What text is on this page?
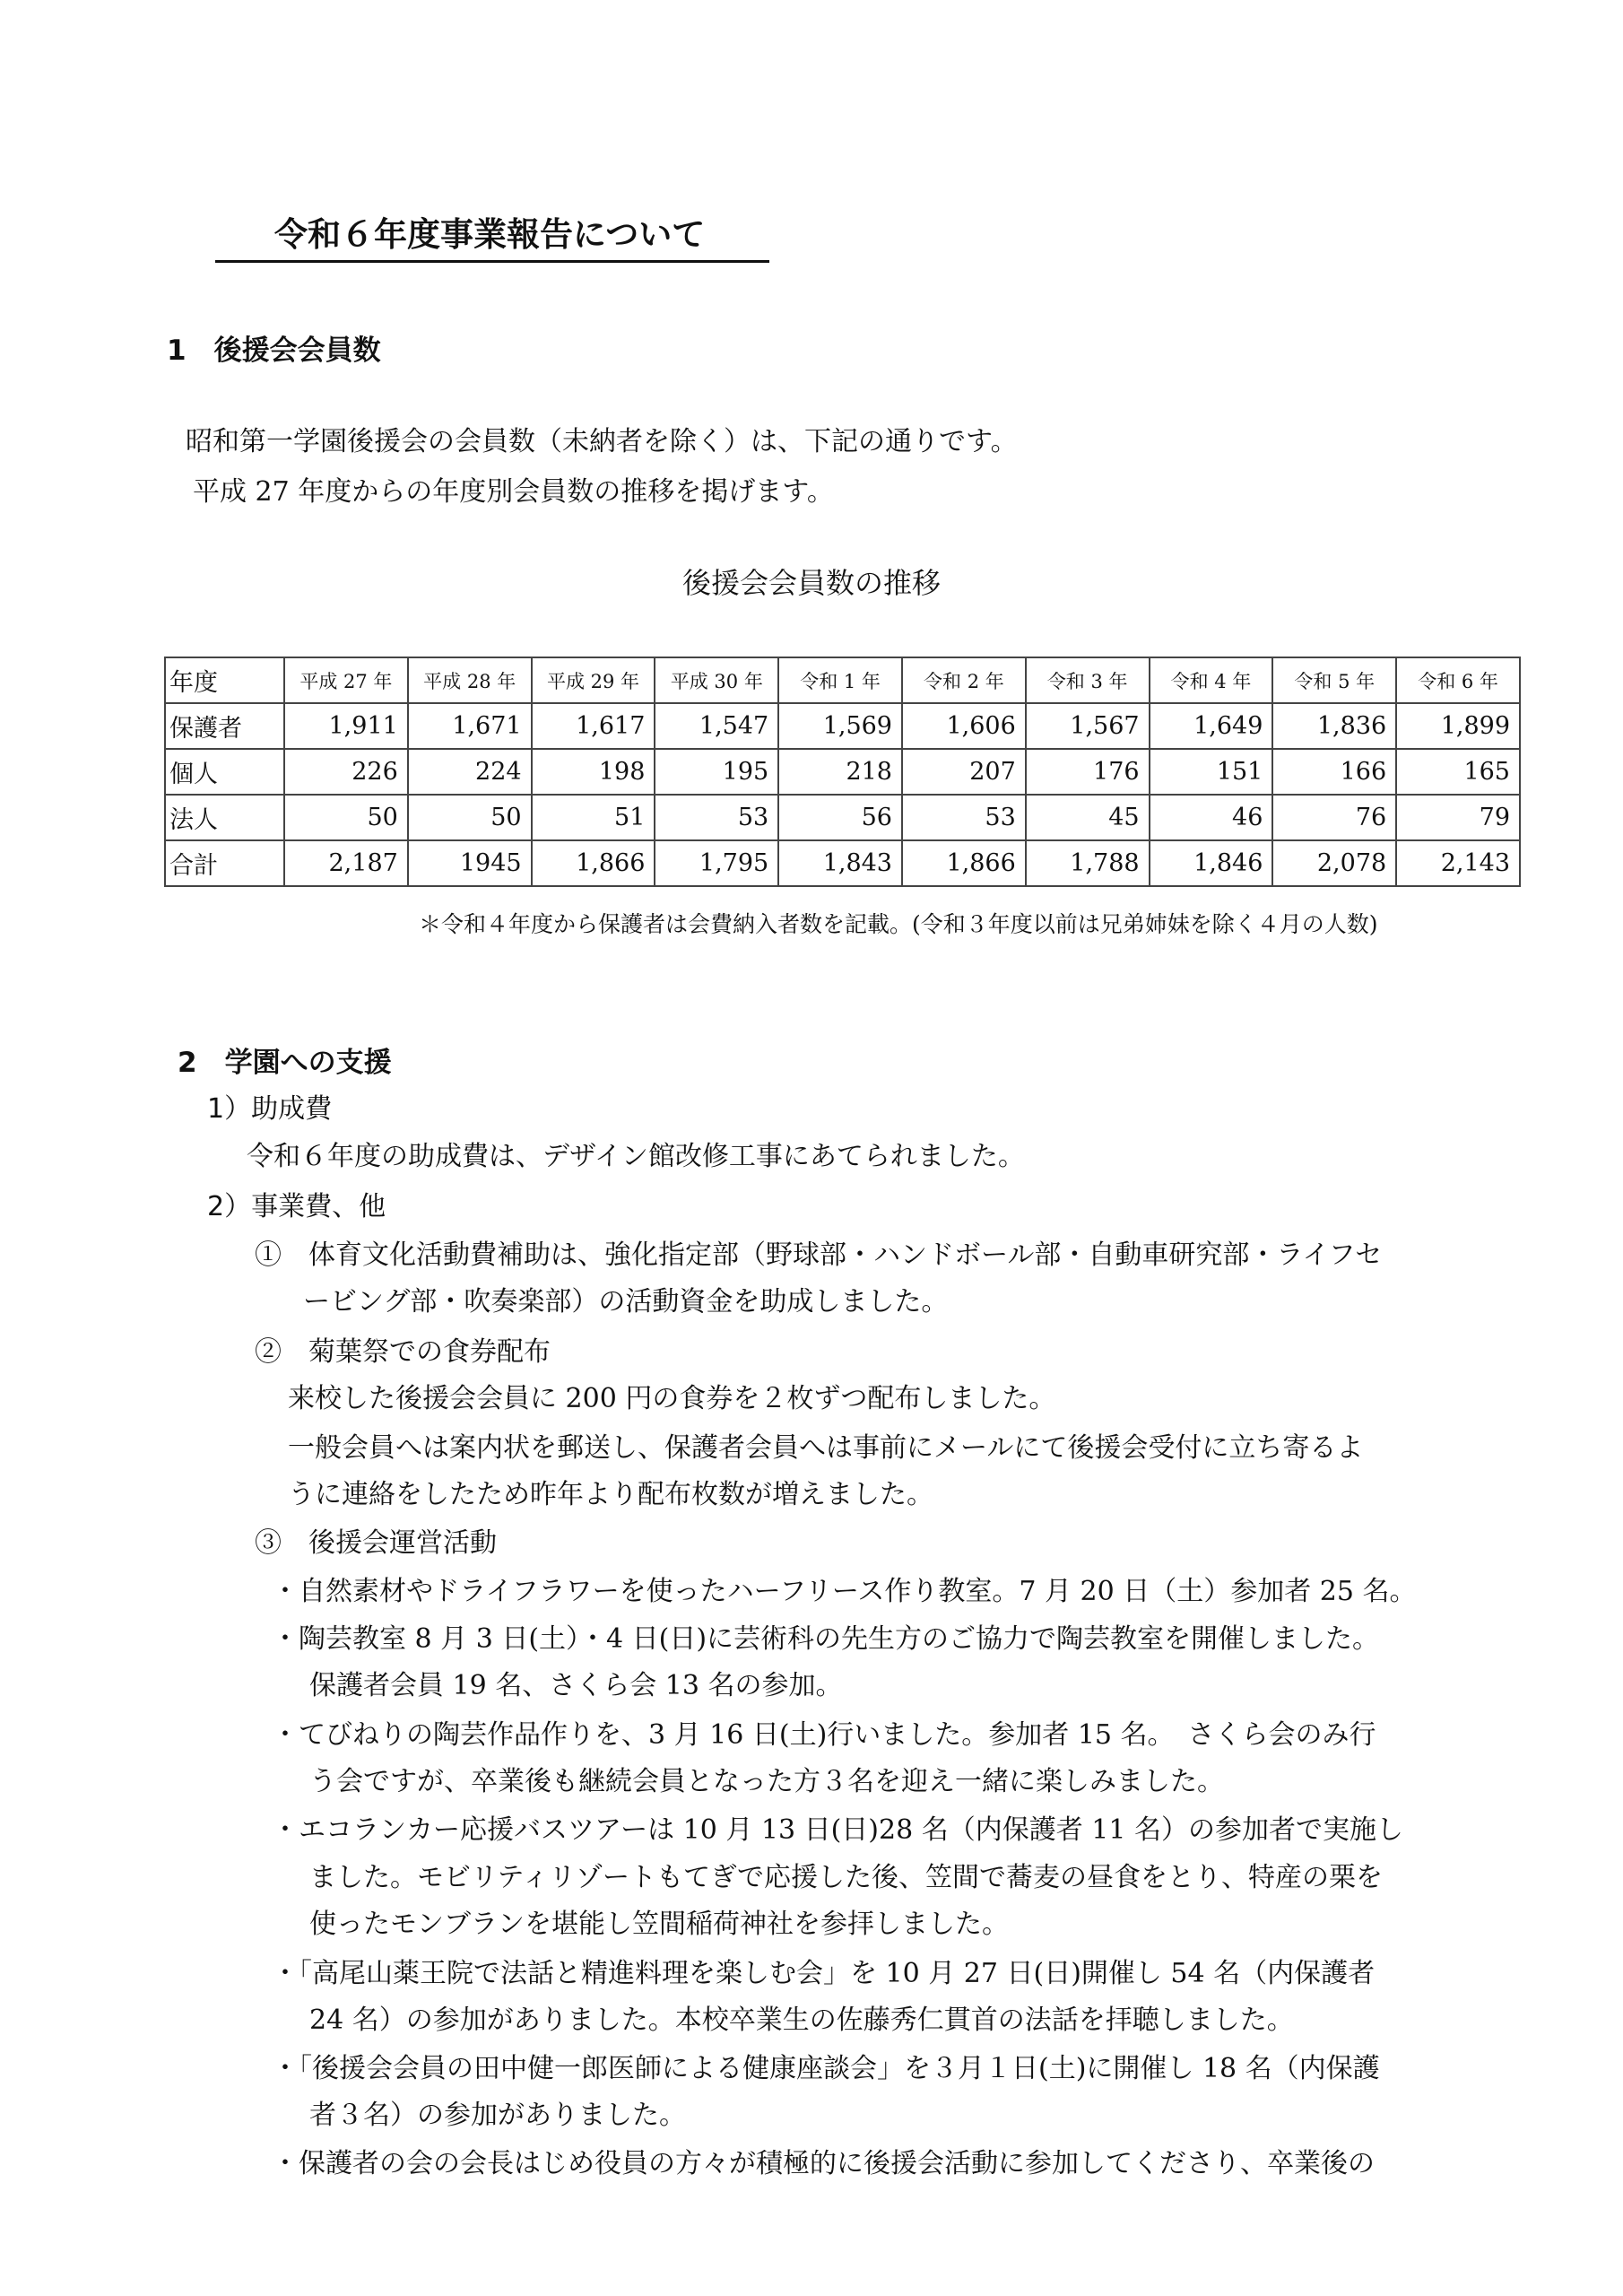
令和６年度事業報告について
1　後援会会員数
昭和第一学園後援会の会員数（未納者を除く）は、下記の通りです。
平成 27 年度からの年度別会員数の推移を掲げます。
後援会会員数の推移
年度	平成 27 年	平成 28 年	平成 29 年	平成 30 年	令和 1 年	令和 2 年	令和 3 年	令和 4 年	令和 5 年	令和 6 年
保護者	1,911	1,671	1,617	1,547	1,569	1,606	1,567	1,649	1,836	1,899
個人	226	224	198	195	218	207	176	151	166	165
法人	50	50	51	53	56	53	45	46	76	79
合計	2,187	1945	1,866	1,795	1,843	1,866	1,788	1,846	2,078	2,143
＊令和４年度から保護者は会費納入者数を記載。(令和３年度以前は兄弟姉妹を除く４月の人数)
2　学園への支援
1）助成費
令和６年度の助成費は、デザイン館改修工事にあてられました。
2）事業費、他
①　体育文化活動費補助は、強化指定部（野球部・ハンドボール部・自動車研究部・ライフセ
ービング部・吹奏楽部）の活動資金を助成しました。
②　菊葉祭での食券配布
来校した後援会会員に 200 円の食券を２枚ずつ配布しました。
一般会員へは案内状を郵送し、保護者会員へは事前にメールにて後援会受付に立ち寄るよ
うに連絡をしたため昨年より配布枚数が増えました。
③　後援会運営活動
・自然素材やドライフラワーを使ったハーフリース作り教室。7 月 20 日（土）参加者 25 名。
・陶芸教室 8 月 3 日(土）・4 日(日)に芸術科の先生方のご協力で陶芸教室を開催しました。
保護者会員 19 名、さくら会 13 名の参加。
・てびねりの陶芸作品作りを、3 月 16 日(土)行いました。参加者 15 名。　さくら会のみ行
う会ですが、卒業後も継続会員となった方３名を迎え一緒に楽しみました。
・エコランカー応援バスツアーは 10 月 13 日(日)28 名（内保護者 11 名）の参加者で実施し
ました。モビリティリゾートもてぎで応援した後、笠間で蕎麦の昼食をとり、特産の栗を
使ったモンブランを堪能し笠間稲荷神社を参拝しました。
・「高尾山薬王院で法話と精進料理を楽しむ会」を 10 月 27 日(日)開催し 54 名（内保護者
24 名）の参加がありました。本校卒業生の佐藤秀仁貫首の法話を拝聴しました。
・「後援会会員の田中健一郎医師による健康座談会」を３月１日(土)に開催し 18 名（内保護
者３名）の参加がありました。
・保護者の会の会長はじめ役員の方々が積極的に後援会活動に参加してくださり、卒業後の
